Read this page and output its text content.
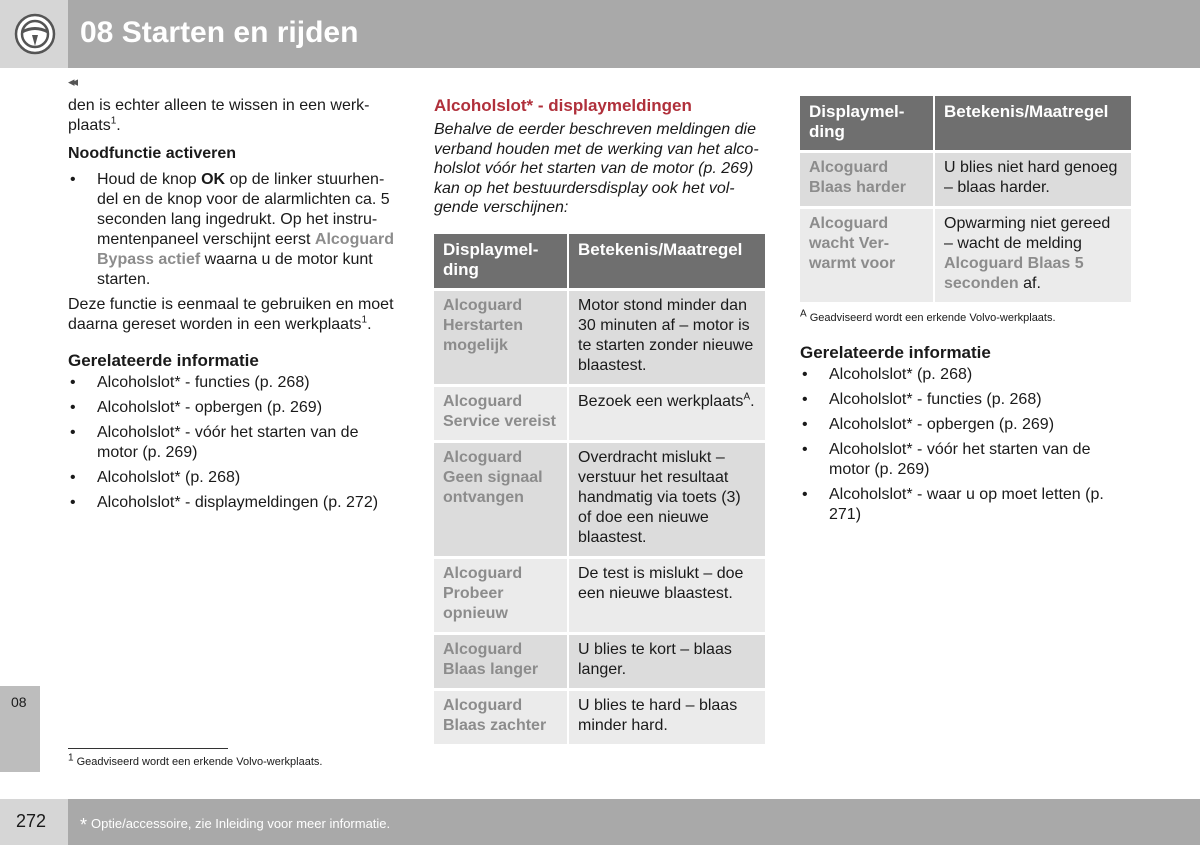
08 Starten en rijden
08
◂◂

den is echter alleen te wissen in een werkplaats$^1$.

Noodfunctie activeren

• Houd de knop OK op de linker stuurhendel en de knop voor de alarmlichten ca. 5 seconden lang ingedrukt. Op het instrumentenpaneel verschijnt eerst Alcoguard Bypass actief waarna u de motor kunt starten.

Deze functie is eenmaal te gebruiken en moet daarna gereset worden in een werkplaats$^1$.

Gerelateerde informatie

• Alcoholslot* - functies (p. 268)
• Alcoholslot* - opbergen (p. 269)
• Alcoholslot* - vóór het starten van de motor (p. 269)
• Alcoholslot* (p. 268)
• Alcoholslot* - displaymeldingen (p. 272)

Alcoholslot* - displaymeldingen

Behalve de eerder beschreven meldingen die verband houden met de werking van het alcoholslot vóór het starten van de motor (p. 269) kan op het bestuurdersdisplay ook het volgende verschijnen:

Displaymelding	Betekenis/Maatregel
Alcoguard Herstarten mogelijk	Motor stond minder dan 30 minuten af – motor is te starten zonder nieuwe blaastest.
Alcoguard Service vereist	Bezoek een werkplaats$^A$.
Alcoguard Geen signaal ontvangen	Overdracht mislukt – verstuur het resultaat handmatig via toets (3) of doe een nieuwe blaastest.
Alcoguard Probeer opnieuw	De test is mislukt – doe een nieuwe blaastest.
Alcoguard Blaas langer	U blies te kort – blaas langer.
Alcoguard Blaas zachter	U blies te hard – blaas minder hard.
Displaymelding	Betekenis/Maatregel
Alcoguard Blaas harder	U blies niet hard genoeg – blaas harder.
Alcoguard wacht Verwarmt voor	Opwarming niet gereed – wacht de melding Alcoguard Blaas 5 seconden af.

$^A$ Geadviseerd wordt een erkende Volvo-werkplaats.

Gerelateerde informatie

• Alcoholslot* (p. 268)
• Alcoholslot* - functies (p. 268)
• Alcoholslot* - opbergen (p. 269)
• Alcoholslot* - vóór het starten van de motor (p. 269)
• Alcoholslot* - waar u op moet letten (p. 271)

$^1$ Geadviseerd wordt een erkende Volvo-werkplaats.

272 * Optie/accessoire, zie Inleiding voor meer informatie.
